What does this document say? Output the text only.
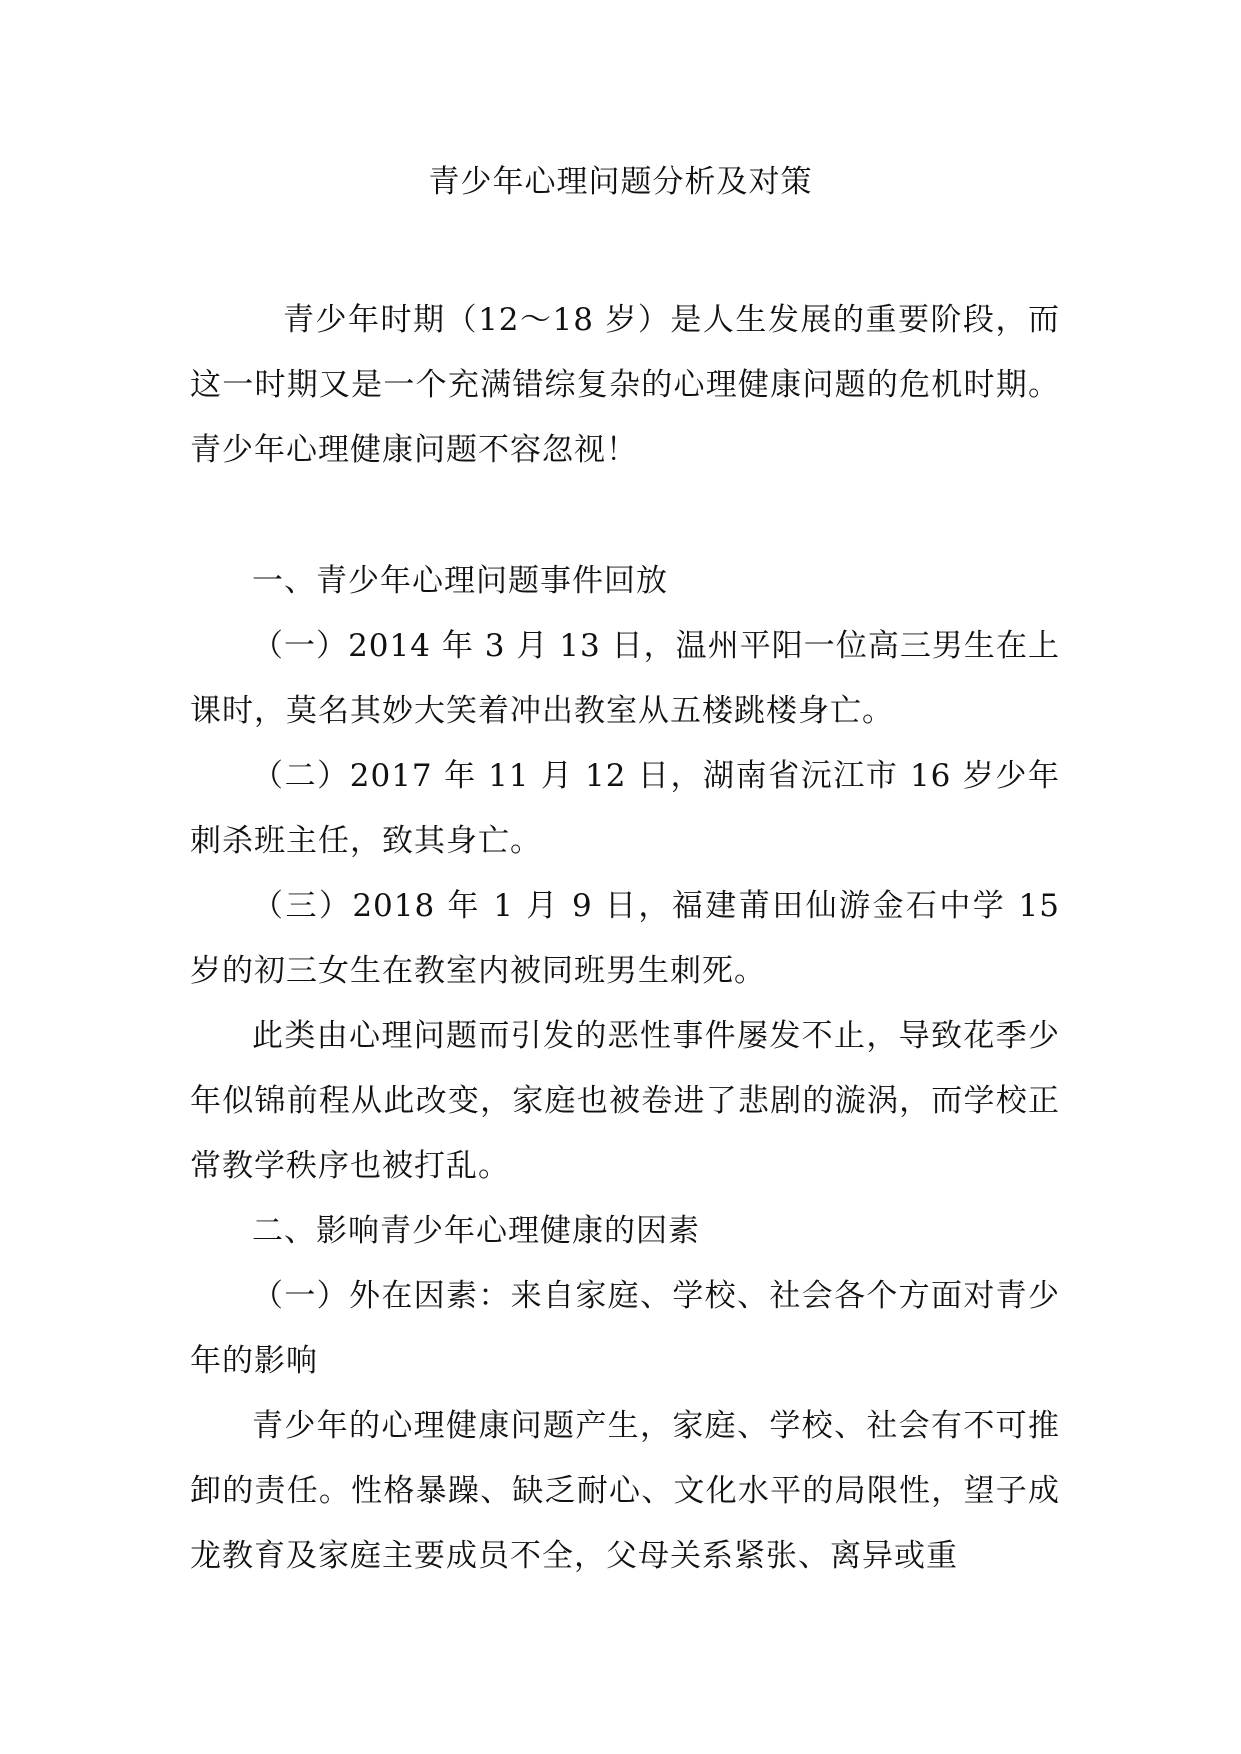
青少年心理问题分析及对策

青少年时期（12～18 岁）是人生发展的重要阶段，而这一时期又是一个充满错综复杂的心理健康问题的危机时期。青少年心理健康问题不容忽视！

一、青少年心理问题事件回放

（一）2014 年 3 月 13 日，温州平阳一位高三男生在上课时，莫名其妙大笑着冲出教室从五楼跳楼身亡。

（二）2017 年 11 月 12 日，湖南省沅江市 16 岁少年刺杀班主任，致其身亡。

（三）2018 年 1 月 9 日，福建莆田仙游金石中学 15 岁的初三女生在教室内被同班男生刺死。

此类由心理问题而引发的恶性事件屡发不止，导致花季少年似锦前程从此改变，家庭也被卷进了悲剧的漩涡，而学校正常教学秩序也被打乱。

二、影响青少年心理健康的因素

（一）外在因素：来自家庭、学校、社会各个方面对青少年的影响

青少年的心理健康问题产生，家庭、学校、社会有不可推卸的责任。性格暴躁、缺乏耐心、文化水平的局限性，望子成龙教育及家庭主要成员不全，父母关系紧张、离异或重
